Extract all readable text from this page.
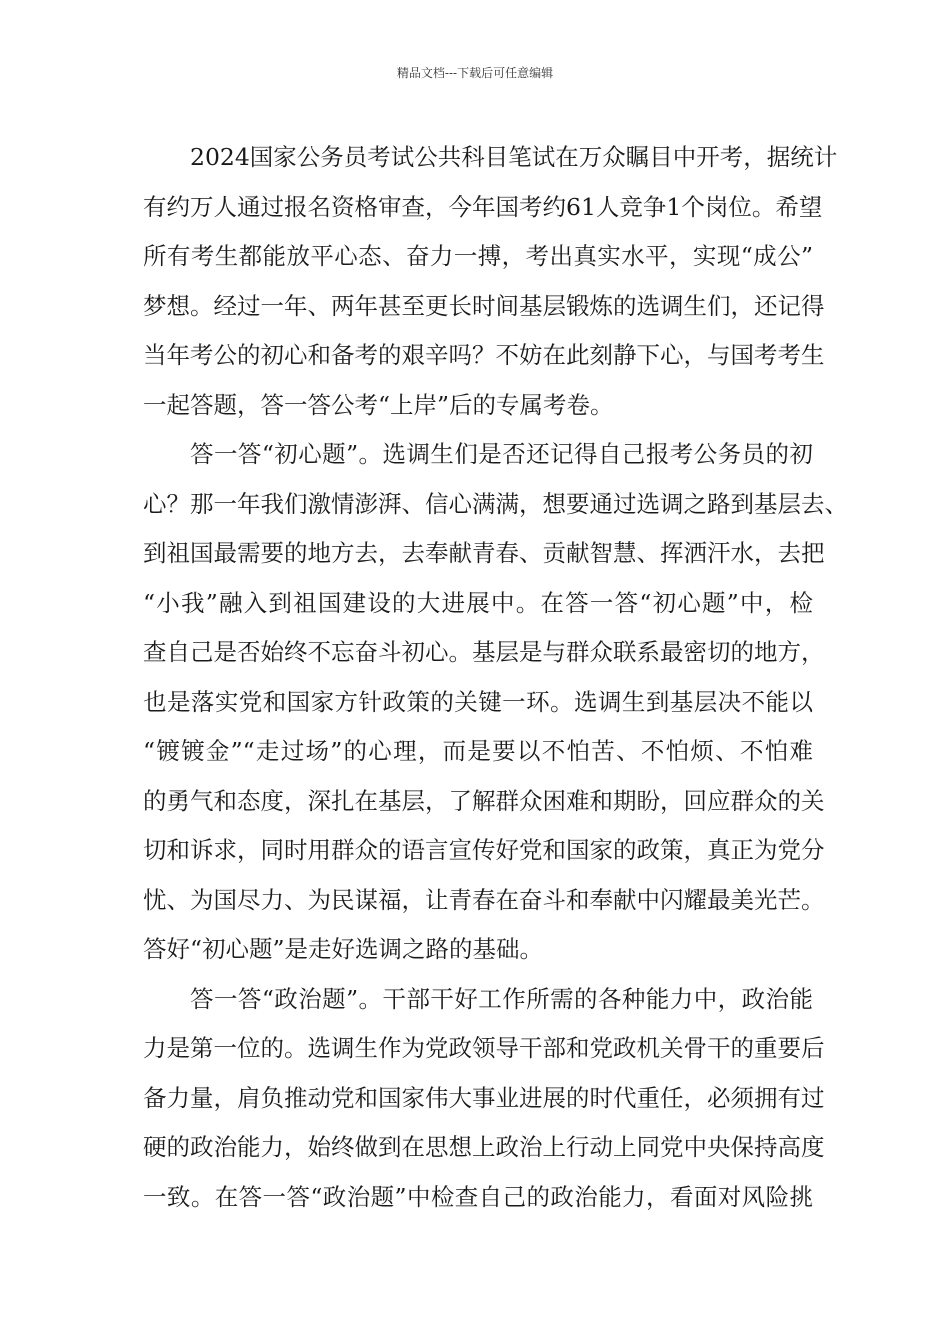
精品文档---下载后可任意编辑

2024国家公务员考试公共科目笔试在万众瞩目中开考，据统计
有约万人通过报名资格审查，今年国考约61人竞争1个岗位。希望
所有考生都能放平心态、奋力一搏，考出真实水平，实现“成公”
梦想。经过一年、两年甚至更长时间基层锻炼的选调生们，还记得
当年考公的初心和备考的艰辛吗？不妨在此刻静下心，与国考考生
一起答题，答一答公考“上岸”后的专属考卷。

答一答“初心题”。选调生们是否还记得自己报考公务员的初
心？那一年我们激情澎湃、信心满满，想要通过选调之路到基层去、
到祖国最需要的地方去，去奉献青春、贡献智慧、挥洒汗水，去把
“小我”融入到祖国建设的大进展中。在答一答“初心题”中，检
查自己是否始终不忘奋斗初心。基层是与群众联系最密切的地方，
也是落实党和国家方针政策的关键一环。选调生到基层决不能以
“镀镀金”“走过场”的心理，而是要以不怕苦、不怕烦、不怕难
的勇气和态度，深扎在基层，了解群众困难和期盼，回应群众的关
切和诉求，同时用群众的语言宣传好党和国家的政策，真正为党分
忧、为国尽力、为民谋福，让青春在奋斗和奉献中闪耀最美光芒。
答好“初心题”是走好选调之路的基础。

答一答“政治题”。干部干好工作所需的各种能力中，政治能
力是第一位的。选调生作为党政领导干部和党政机关骨干的重要后
备力量，肩负推动党和国家伟大事业进展的时代重任，必须拥有过
硬的政治能力，始终做到在思想上政治上行动上同党中央保持高度
一致。在答一答“政治题”中检查自己的政治能力，看面对风险挑
